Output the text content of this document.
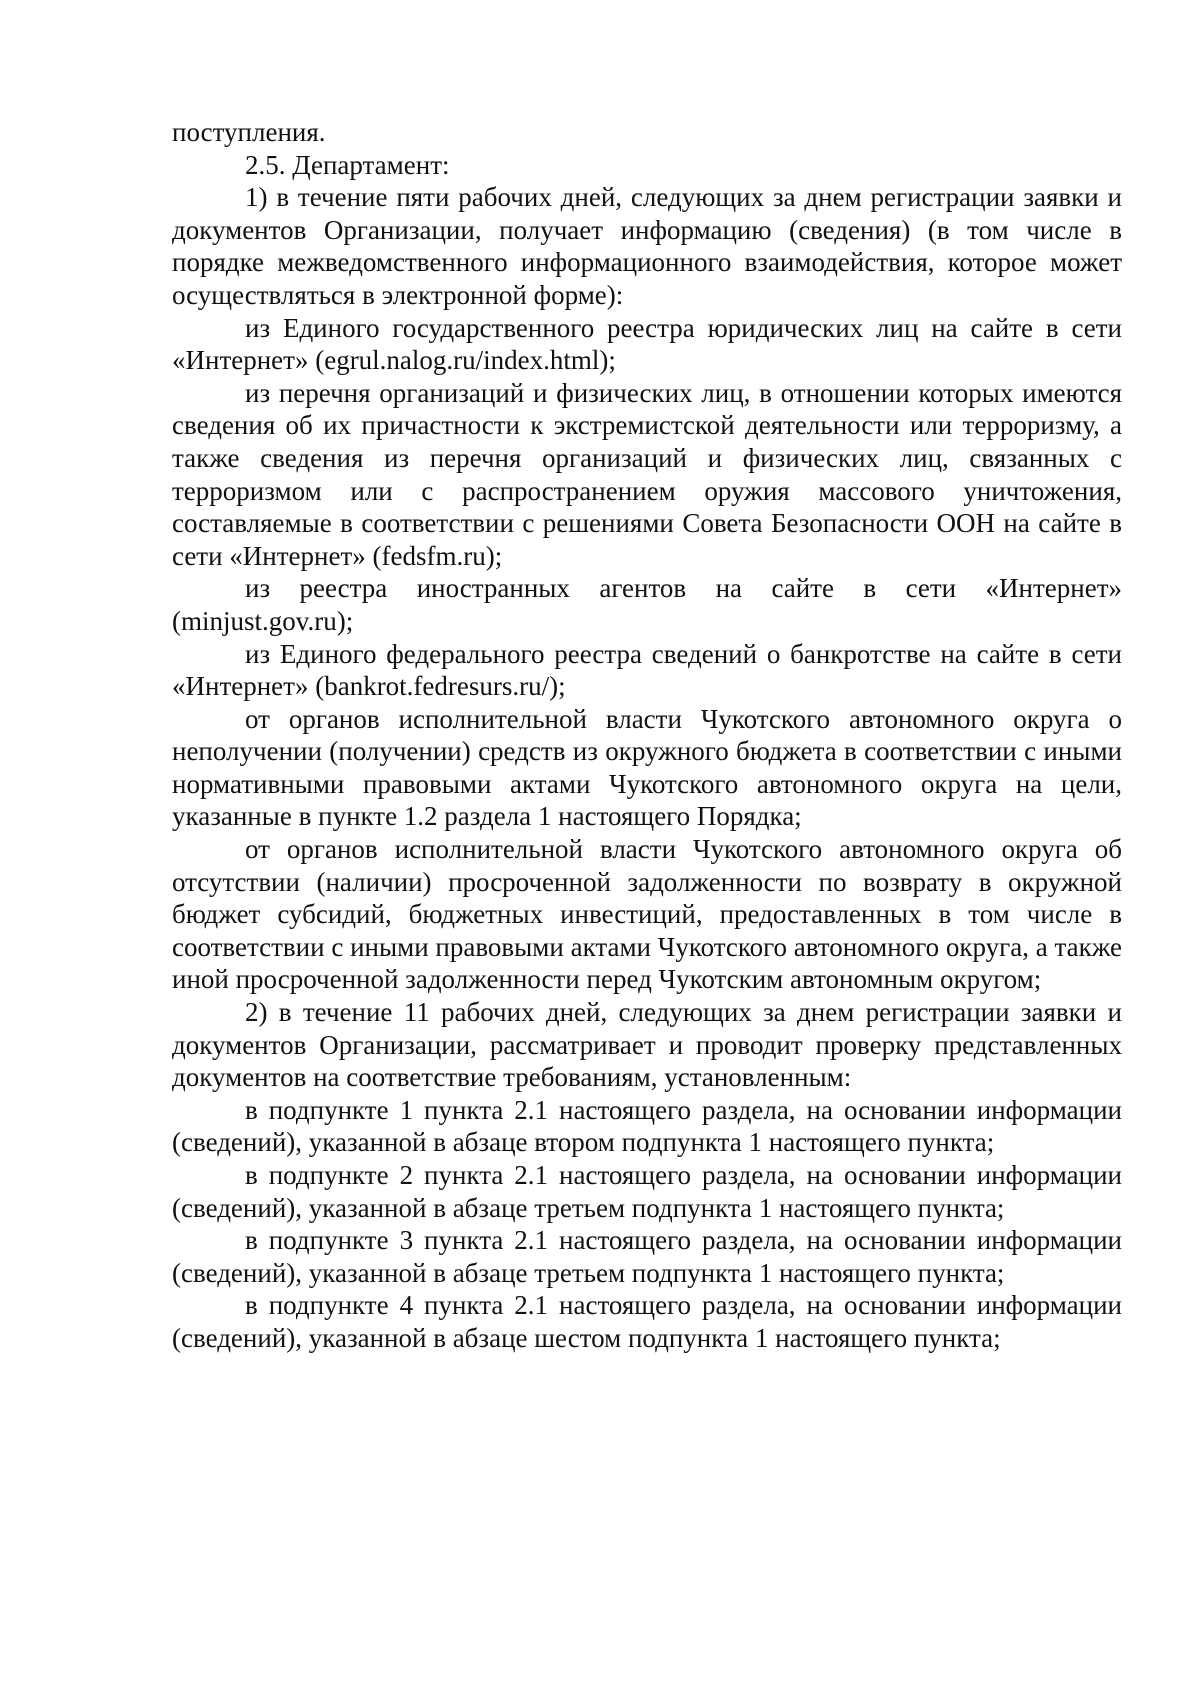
поступления.

2.5. Департамент:

1) в течение пяти рабочих дней, следующих за днем регистрации заявки и документов Организации, получает информацию (сведения) (в том числе в порядке межведомственного информационного взаимодействия, которое может осуществляться в электронной форме):

из Единого государственного реестра юридических лиц на сайте в сети «Интернет» (egrul.nalog.ru/index.html);

из перечня организаций и физических лиц, в отношении которых имеются сведения об их причастности к экстремистской деятельности или терроризму, а также сведения из перечня организаций и физических лиц, связанных с терроризмом или с распространением оружия массового уничтожения, составляемые в соответствии с решениями Совета Безопасности ООН на сайте в сети «Интернет» (fedsfm.ru);

из реестра иностранных агентов на сайте в сети «Интернет» (minjust.gov.ru);

из Единого федерального реестра сведений о банкротстве на сайте в сети «Интернет» (bankrot.fedresurs.ru/);

от органов исполнительной власти Чукотского автономного округа о неполучении (получении) средств из окружного бюджета в соответствии с иными нормативными правовыми актами Чукотского автономного округа на цели, указанные в пункте 1.2 раздела 1 настоящего Порядка;

от органов исполнительной власти Чукотского автономного округа об отсутствии (наличии) просроченной задолженности по возврату в окружной бюджет субсидий, бюджетных инвестиций, предоставленных в том числе в соответствии с иными правовыми актами Чукотского автономного округа, а также иной просроченной задолженности перед Чукотским автономным округом;

2) в течение 11 рабочих дней, следующих за днем регистрации заявки и документов Организации, рассматривает и проводит проверку представленных документов на соответствие требованиям, установленным:

в подпункте 1 пункта 2.1 настоящего раздела, на основании информации (сведений), указанной в абзаце втором подпункта 1 настоящего пункта;

в подпункте 2 пункта 2.1 настоящего раздела, на основании информации (сведений), указанной в абзаце третьем подпункта 1 настоящего пункта;

в подпункте 3 пункта 2.1 настоящего раздела, на основании информации (сведений), указанной в абзаце третьем подпункта 1 настоящего пункта;

в подпункте 4 пункта 2.1 настоящего раздела, на основании информации (сведений), указанной в абзаце шестом подпункта 1 настоящего пункта;
